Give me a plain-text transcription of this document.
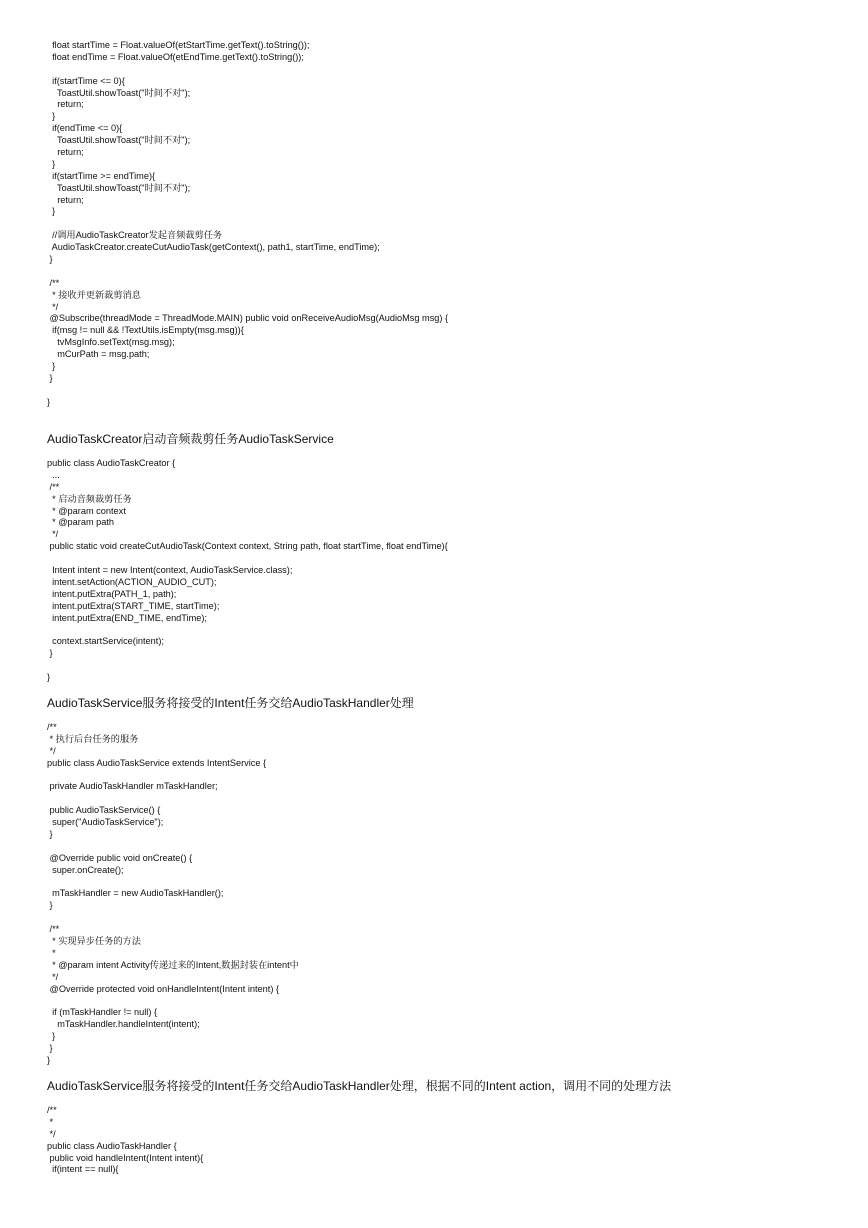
float startTime = Float.valueOf(etStartTime.getText().toString());
float endTime = Float.valueOf(etEndTime.getText().toString());
if(startTime <= 0){
ToastUtil.showToast("时间不对");
return;
}
if(endTime <= 0){
ToastUtil.showToast("时间不对");
return;
}
if(startTime >= endTime){
ToastUtil.showToast("时间不对");
return;
}
//调用AudioTaskCreator发起音频裁剪任务
AudioTaskCreator.createCutAudioTask(getContext(), path1, startTime, endTime);
}
/**
* 接收并更新裁剪消息
*/
@Subscribe(threadMode = ThreadMode.MAIN) public void onReceiveAudioMsg(AudioMsg msg) {
if(msg != null && !TextUtils.isEmpty(msg.msg)){
tvMsgInfo.setText(msg.msg);
mCurPath = msg.path;
}
}
}
AudioTaskCreator启动音频裁剪任务AudioTaskService
public class AudioTaskCreator {
...
/**
* 启动音频裁剪任务
* @param context
* @param path
*/
public static void createCutAudioTask(Context context, String path, float startTime, float endTime){
Intent intent = new Intent(context, AudioTaskService.class);
intent.setAction(ACTION_AUDIO_CUT);
intent.putExtra(PATH_1, path);
intent.putExtra(START_TIME, startTime);
intent.putExtra(END_TIME, endTime);
context.startService(intent);
}
}
AudioTaskService服务将接受的Intent任务交给AudioTaskHandler处理
/**
* 执行后台任务的服务
*/
public class AudioTaskService extends IntentService {
private AudioTaskHandler mTaskHandler;
public AudioTaskService() {
super("AudioTaskService");
}
@Override public void onCreate() {
super.onCreate();
mTaskHandler = new AudioTaskHandler();
}
/**
* 实现异步任务的方法
*
* @param intent Activity传递过来的Intent,数据封装在intent中
*/
@Override protected void onHandleIntent(Intent intent) {
if (mTaskHandler != null) {
mTaskHandler.handleIntent(intent);
}
}
}
AudioTaskService服务将接受的Intent任务交给AudioTaskHandler处理，根据不同的Intent action，调用不同的处理方法
/**
*
*/
public class AudioTaskHandler {
public void handleIntent(Intent intent){
if(intent == null){
